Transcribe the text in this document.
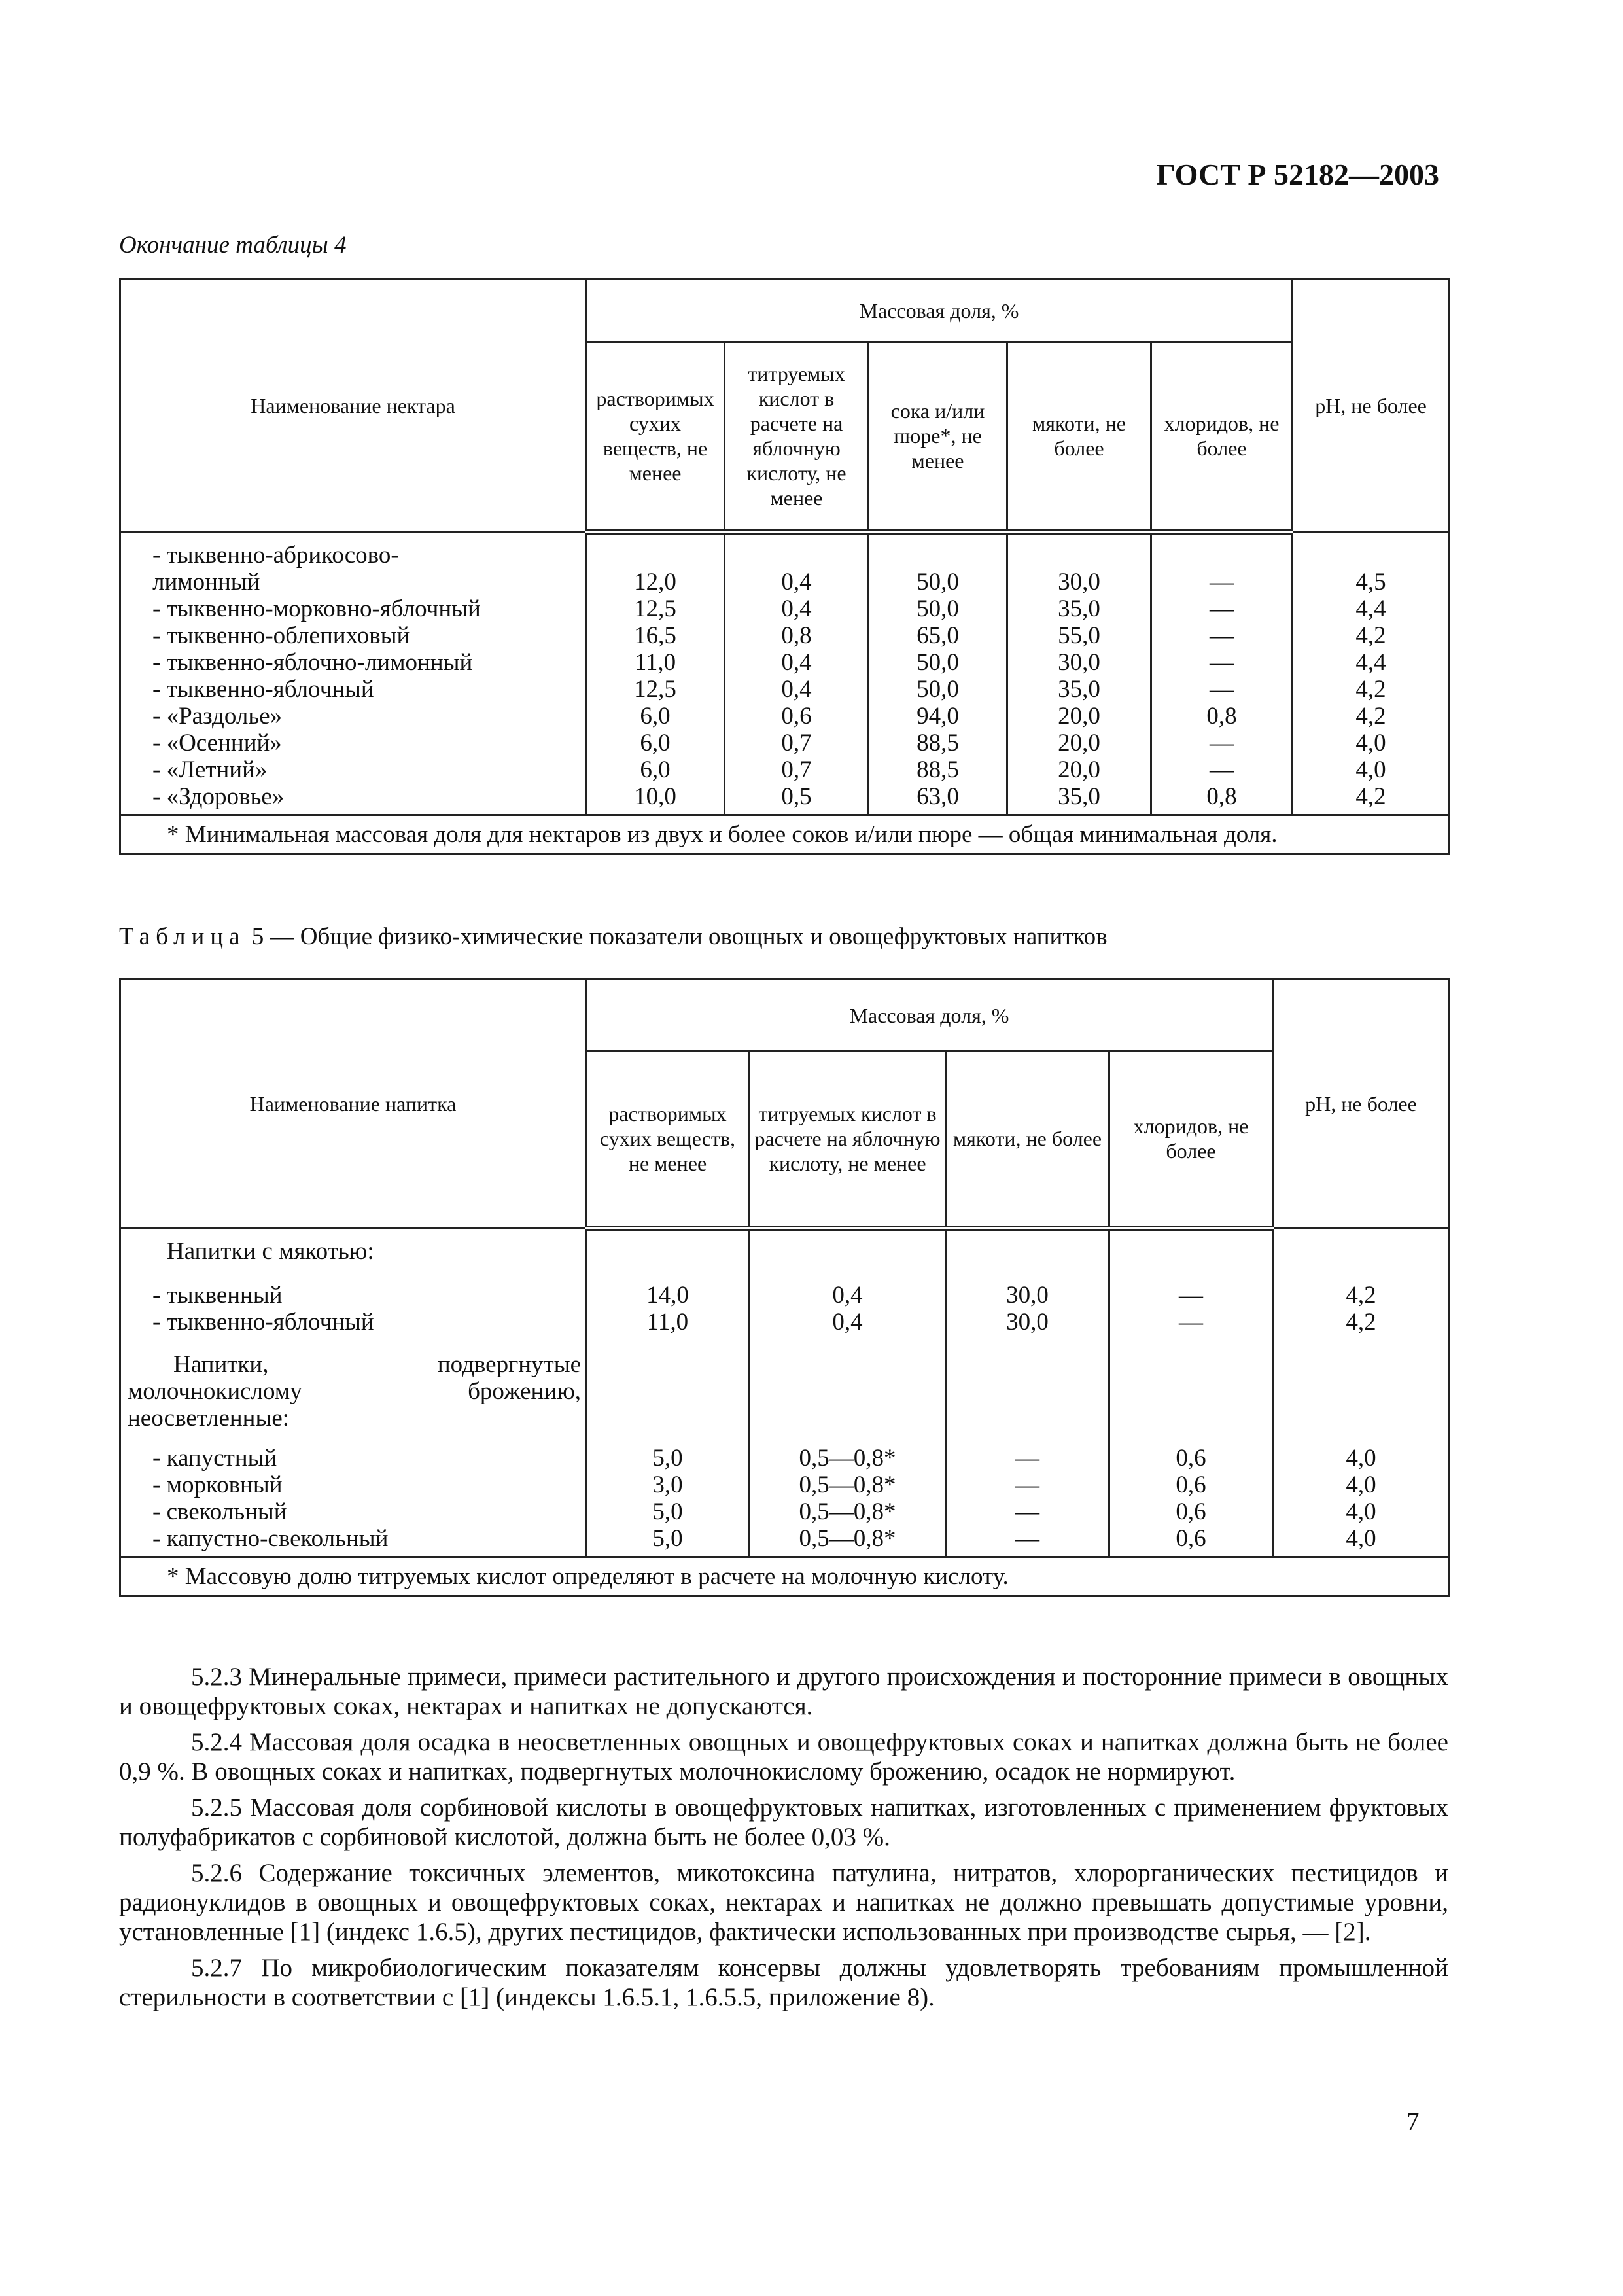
ГОСТ Р 52182—2003
Окончание таблицы 4
Наименование нектара	Массовая доля, %					pH, не более
	растворимых сухих веществ, не менее	титруемых кислот в расчете на яблочную кислоту, не менее	сока и/или пюре*, не менее	мякоти, не более	хлоридов, не более	
- тыквенно-абрикосово-лимонный	12,0	0,4	50,0	30,0	—	4,5
- тыквенно-морковно-яблочный	12,5	0,4	50,0	35,0	—	4,4
- тыквенно-облепиховый	16,5	0,8	65,0	55,0	—	4,2
- тыквенно-яблочно-лимонный	11,0	0,4	50,0	30,0	—	4,4
- тыквенно-яблочный	12,5	0,4	50,0	35,0	—	4,2
- «Раздолье»	6,0	0,6	94,0	20,0	0,8	4,2
- «Осенний»	6,0	0,7	88,5	20,0	—	4,0
- «Летний»	6,0	0,7	88,5	20,0	—	4,0
- «Здоровье»	10,0	0,5	63,0	35,0	0,8	4,2
* Минимальная массовая доля для нектаров из двух и более соков и/или пюре — общая минимальная доля.						
Таблица 5 — Общие физико-химические показатели овощных и овощефруктовых напитков
Наименование напитка	Массовая доля, %				pH, не более
	растворимых сухих веществ, не менее	титруемых кислот в расчете на яблочную кислоту, не менее	мякоти, не более	хлоридов, не более	
Напитки с мякотью:					
- тыквенный	14,0	0,4	30,0	—	4,2
- тыквенно-яблочный	11,0	0,4	30,0	—	4,2
Напитки, подвергнутые молочнокислому брожению, неосветленные:					
- капустный	5,0	0,5—0,8*	—	0,6	4,0
- морковный	3,0	0,5—0,8*	—	0,6	4,0
- свекольный	5,0	0,5—0,8*	—	0,6	4,0
- капустно-свекольный	5,0	0,5—0,8*	—	0,6	4,0
* Массовую долю титруемых кислот определяют в расчете на молочную кислоту.					

5.2.3 Минеральные примеси, примеси растительного и другого происхождения и посторонние примеси в овощных и овощефруктовых соках, нектарах и напитках не допускаются.

5.2.4 Массовая доля осадка в неосветленных овощных и овощефруктовых соках и напитках должна быть не более 0,9 %. В овощных соках и напитках, подвергнутых молочнокислому брожению, осадок не нормируют.

5.2.5 Массовая доля сорбиновой кислоты в овощефруктовых напитках, изготовленных с применением фруктовых полуфабрикатов с сорбиновой кислотой, должна быть не более 0,03 %.

5.2.6 Содержание токсичных элементов, микотоксина патулина, нитратов, хлорорганических пестицидов и радионуклидов в овощных и овощефруктовых соках, нектарах и напитках не должно превышать допустимые уровни, установленные [1] (индекс 1.6.5), других пестицидов, фактически использованных при производстве сырья, — [2].

5.2.7 По микробиологическим показателям консервы должны удовлетворять требованиям промышленной стерильности в соответствии с [1] (индексы 1.6.5.1, 1.6.5.5, приложение 8).

7
